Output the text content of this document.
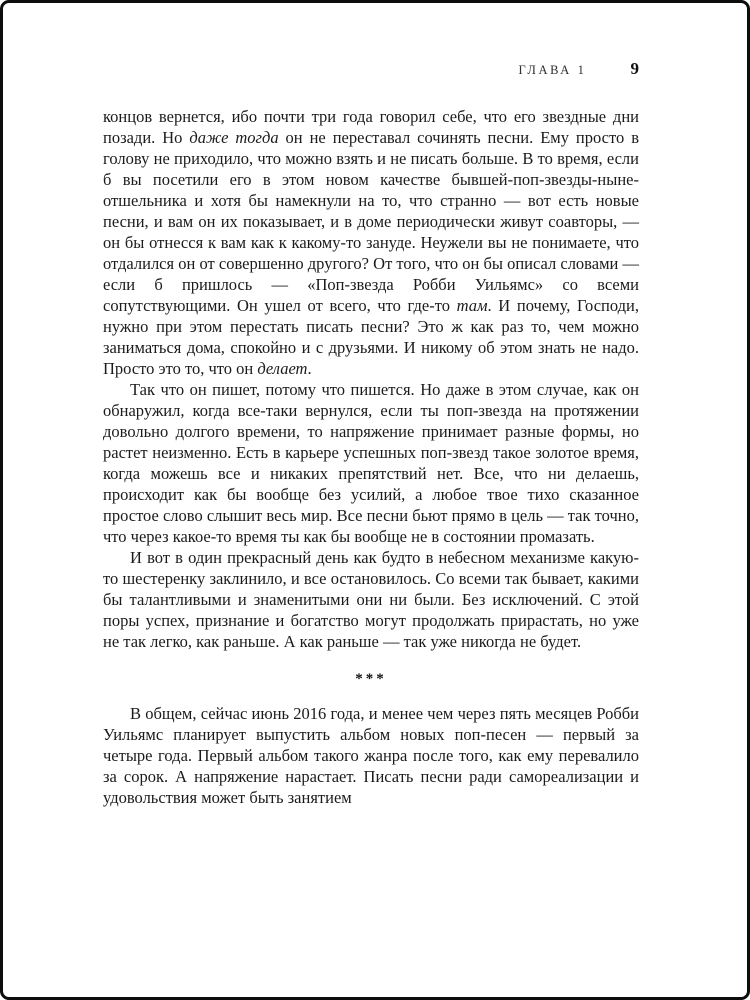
ГЛАВА 1	9

концов вернется, ибо почти три года говорил себе, что его звездные дни позади. Но даже тогда он не переставал сочинять песни. Ему просто в голову не приходило, что можно взять и не писать больше. В то время, если б вы посетили его в этом новом качестве бывшей-поп-звезды-ныне-отшельника и хотя бы намекнули на то, что странно — вот есть новые песни, и вам он их показывает, и в доме периодически живут соавторы, — он бы отнесся к вам как к какому-то зануде. Неужели вы не понимаете, что отдалился он от совершенно другого? От того, что он бы описал словами — если б пришлось — «Поп-звезда Робби Уильямс» со всеми сопутствующими. Он ушел от всего, что где-то там. И почему, Господи, нужно при этом перестать писать песни? Это ж как раз то, чем можно заниматься дома, спокойно и с друзьями. И никому об этом знать не надо. Просто это то, что он делает.

Так что он пишет, потому что пишется. Но даже в этом случае, как он обнаружил, когда все-таки вернулся, если ты поп-звезда на протяжении довольно долгого времени, то напряжение принимает разные формы, но растет неизменно. Есть в карьере успешных поп-звезд такое золотое время, когда можешь все и никаких препятствий нет. Все, что ни делаешь, происходит как бы вообще без усилий, а любое твое тихо сказанное простое слово слышит весь мир. Все песни бьют прямо в цель — так точно, что через какое-то время ты как бы вообще не в состоянии промазать.

И вот в один прекрасный день как будто в небесном механизме какую-то шестеренку заклинило, и все остановилось. Со всеми так бывает, какими бы талантливыми и знаменитыми они ни были. Без исключений. С этой поры успех, признание и богатство могут продолжать прирастать, но уже не так легко, как раньше. А как раньше — так уже никогда не будет.

***

В общем, сейчас июнь 2016 года, и менее чем через пять месяцев Робби Уильямс планирует выпустить альбом новых поп-песен — первый за четыре года. Первый альбом такого жанра после того, как ему перевалило за сорок. А напряжение нарастает. Писать песни ради самореализации и удовольствия может быть занятием
